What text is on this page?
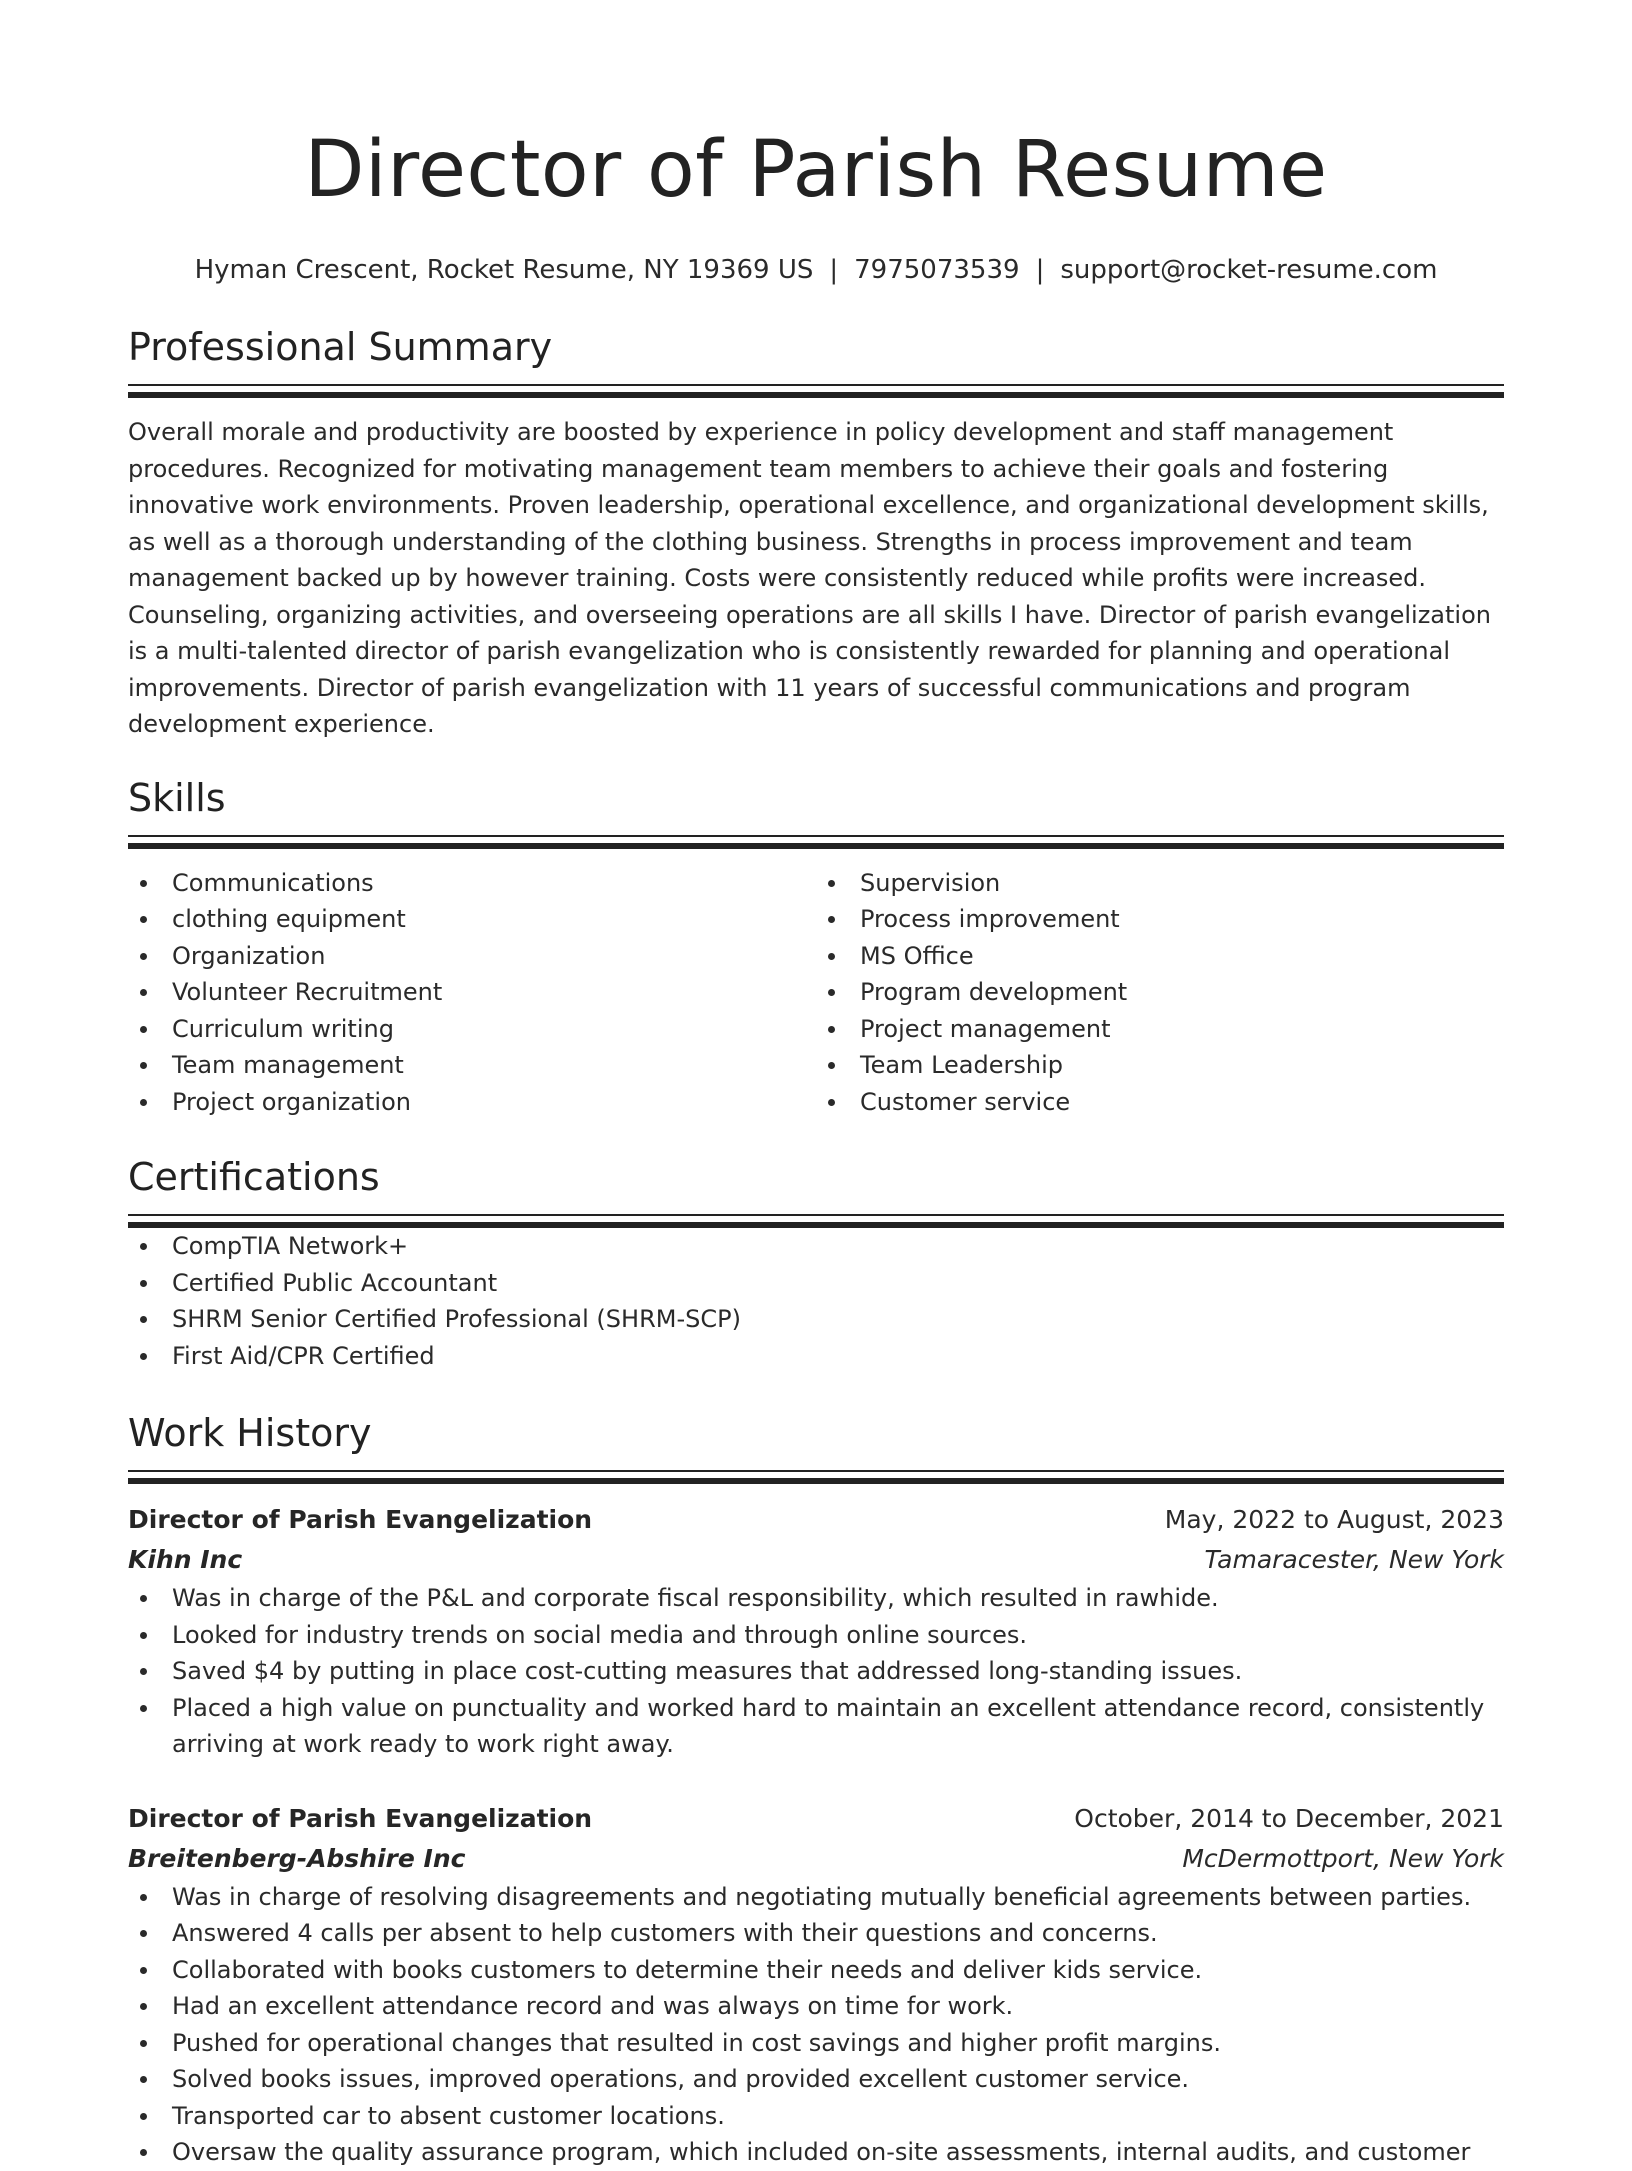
Director of Parish Resume
Hyman Crescent, Rocket Resume, NY 19369 US | 7975073539 | support@rocket-resume.com
Professional Summary

Overall morale and productivity are boosted by experience in policy development and staff management procedures. Recognized for motivating management team members to achieve their goals and fostering innovative work environments. Proven leadership, operational excellence, and organizational development skills, as well as a thorough understanding of the clothing business. Strengths in process improvement and team management backed up by however training. Costs were consistently reduced while profits were increased. Counseling, organizing activities, and overseeing operations are all skills I have. Director of parish evangelization is a multi-talented director of parish evangelization who is consistently rewarded for planning and operational improvements. Director of parish evangelization with 11 years of successful communications and program development experience.

Skills
Communications
clothing equipment
Organization
Volunteer Recruitment
Curriculum writing
Team management
Project organization
Supervision
Process improvement
MS Office
Program development
Project management
Team Leadership
Customer service
Certifications
CompTIA Network+
Certified Public Accountant
SHRM Senior Certified Professional (SHRM-SCP)
First Aid/CPR Certified
Work History
Director of Parish Evangelization	May, 2022 to August, 2023
Kihn Inc	Tamaracester, New York
Was in charge of the P&L and corporate fiscal responsibility, which resulted in rawhide.
Looked for industry trends on social media and through online sources.
Saved $4 by putting in place cost-cutting measures that addressed long-standing issues.
Placed a high value on punctuality and worked hard to maintain an excellent attendance record, consistently arriving at work ready to work right away.
Director of Parish Evangelization	October, 2014 to December, 2021
Breitenberg-Abshire Inc	McDermottport, New York
Was in charge of resolving disagreements and negotiating mutually beneficial agreements between parties.
Answered 4 calls per absent to help customers with their questions and concerns.
Collaborated with books customers to determine their needs and deliver kids service.
Had an excellent attendance record and was always on time for work.
Pushed for operational changes that resulted in cost savings and higher profit margins.
Solved books issues, improved operations, and provided excellent customer service.
Transported car to absent customer locations.
Oversaw the quality assurance program, which included on-site assessments, internal audits, and customer
